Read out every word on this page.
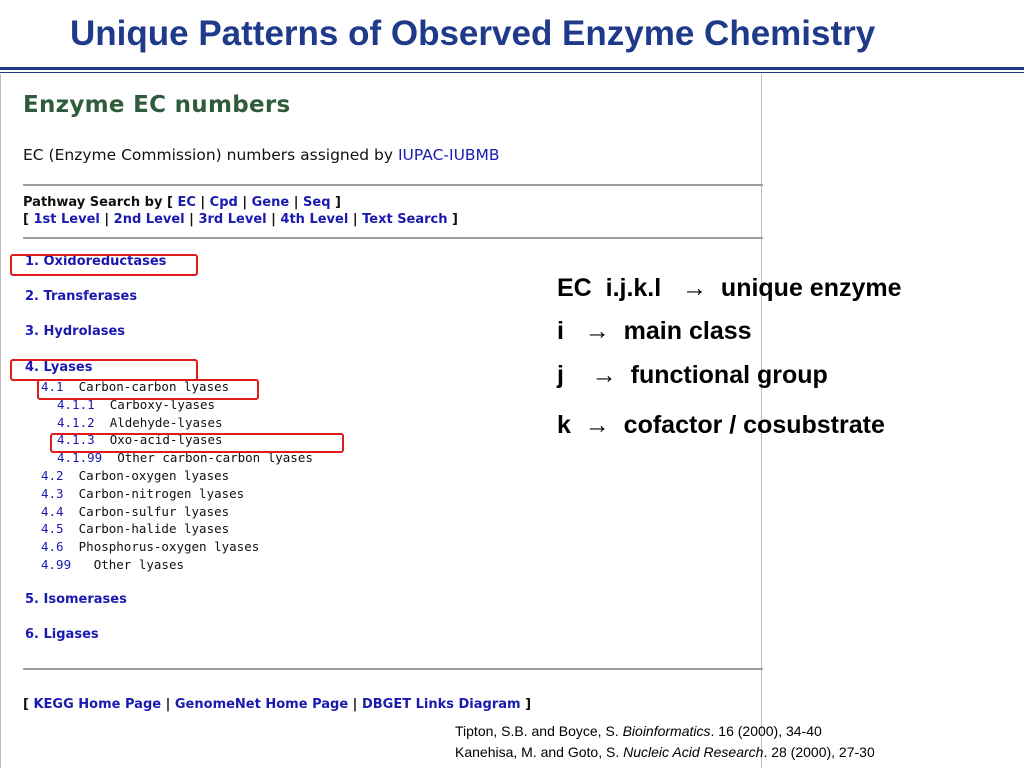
Unique Patterns of Observed Enzyme Chemistry
Enzyme EC numbers
EC (Enzyme Commission) numbers assigned by IUPAC-IUBMB
Pathway Search by [ EC | Cpd | Gene | Seq ]
[ 1st Level | 2nd Level | 3rd Level | 4th Level | Text Search ]
1. Oxidoreductases
2. Transferases
3. Hydrolases
4. Lyases
4.1 Carbon-carbon lyases
4.1.1 Carboxy-lyases
4.1.2 Aldehyde-lyases
4.1.3 Oxo-acid-lyases
4.1.99 Other carbon-carbon lyases
4.2 Carbon-oxygen lyases
4.3 Carbon-nitrogen lyases
4.4 Carbon-sulfur lyases
4.5 Carbon-halide lyases
4.6 Phosphorus-oxygen lyases
4.99 Other lyases
5. Isomerases
6. Ligases
[ KEGG Home Page | GenomeNet Home Page | DBGET Links Diagram ]
EC  i.j.k.l   →  unique enzyme
i   →  main class
j    →  functional group
k  →  cofactor / cosubstrate
Tipton, S.B. and Boyce, S. Bioinformatics. 16 (2000), 34-40
Kanehisa, M. and Goto, S. Nucleic Acid Research. 28 (2000), 27-30
